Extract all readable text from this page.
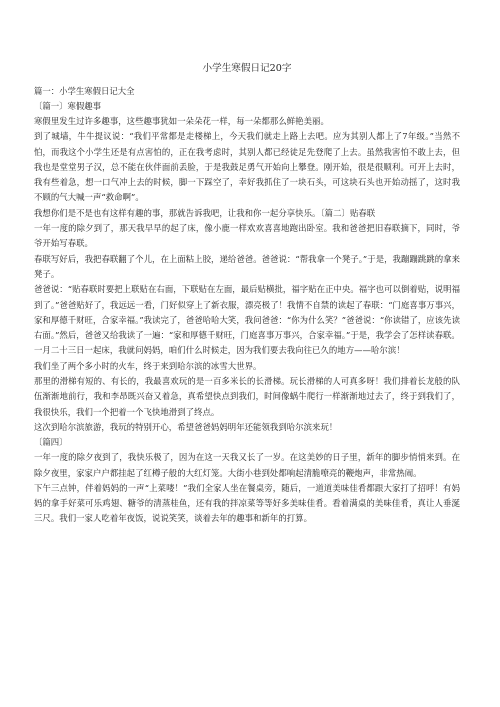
小学生寒假日记20字

篇一：小学生寒假日记大全

〔篇一〕寒假趣事

寒假里发生过许多趣事，这些趣事犹如一朵朵花一样，每一朵都那么鲜艳美丽。

到了城墙，牛牛提议说：“我们平常都是走楼梯上，今天我们就走上路上去吧。应为其别人都上了7年级。”当然不怕，而我这个小学生还是有点害怕的，正在我考虑时，其别人都已经徒足先登爬了上去。虽然我害怕不敢上去，但我也是堂堂男子汉，总不能在伙伴面前丢脸，于是我鼓足勇气开始向上攀登。刚开始，很是很顺利。可开上去时，我有些着急，想一口气冲上去的时候，脚一下踩空了，幸好我抓住了一块石头，可这块石头也开始动摇了，这时我不顾的气大喊一声“救命啊”。

我想你们是不是也有这样有趣的事，那就告诉我吧，让我和你一起分享快乐。〔篇二〕贴春联

一年一度的除夕到了，那天我早早的起了床，像小鹿一样欢欢喜喜地跑出卧室。我和爸爸把旧春联摘下，同时，爷爷开始写春联。

春联写好后，我把春联翻了个儿，在上面粘上胶，递给爸爸。爸爸说：“帮我拿一个凳子。”于是，我蹦蹦跳跳的拿来凳子。

爸爸说：“贴春联时要把上联贴在右面，下联贴在左面，最后贴横批，福字贴在正中央。福字也可以倒着贴，说明福到了。”爸爸贴好了，我远远一看，门好似穿上了新衣服，漂亮极了！我情不自禁的读起了春联：“门庭喜事万事兴，家和厚德千财旺，合家幸福。”我读完了，爸爸哈哈大笑，我问爸爸：“你为什么笑？”爸爸说：“你读错了，应该先读右面。”然后，爸爸又给我读了一遍：“家和厚德千财旺，门庭喜事万事兴，合家幸福。”于是，我学会了怎样读春联。

一月二十三日一起床，我就问妈妈，咱们什么时候走，因为我们要去我向往已久的地方——哈尔滨！

我们坐了两个多小时的火车，终于来到哈尔滨的冰雪大世界。

那里的滑梯有短的、有长的，我最喜欢玩的是一百多米长的长滑梯。玩长滑梯的人可真多呀！我们排着长龙般的队伍渐渐地前行，我和李昂既兴奋又着急，真希望快点到我们，时间像蜗牛爬行一样渐渐地过去了，终于到我们了，我很快乐，我们一个把着一个飞快地滑到了终点。

这次到哈尔滨旅游，我玩的特别开心，希望爸爸妈妈明年还能领我到哈尔滨来玩！

〔篇四〕

一年一度的除夕夜到了，我快乐极了，因为在这一天我又长了一岁。在这美妙的日子里，新年的脚步悄悄来到。在除夕夜里，家家户户都挂起了红樽子般的大红灯笼。大街小巷到处都响起清脆嘹亮的鞭炮声，非常热闹。

下午三点钟，伴着妈妈的一声“上菜喽！”我们全家人坐在餐桌旁，随后，一道道美味佳肴都跟大家打了招呼！有妈妈的拿手好菜可乐鸡翅、糖爷的清蒸桂鱼，还有我的拌凉菜等等好多美味佳肴。看着满桌的美味佳肴，真让人垂涎三尺。我们一家人吃着年夜饭，说说笑笑，谈着去年的趣事和新年的打算。
